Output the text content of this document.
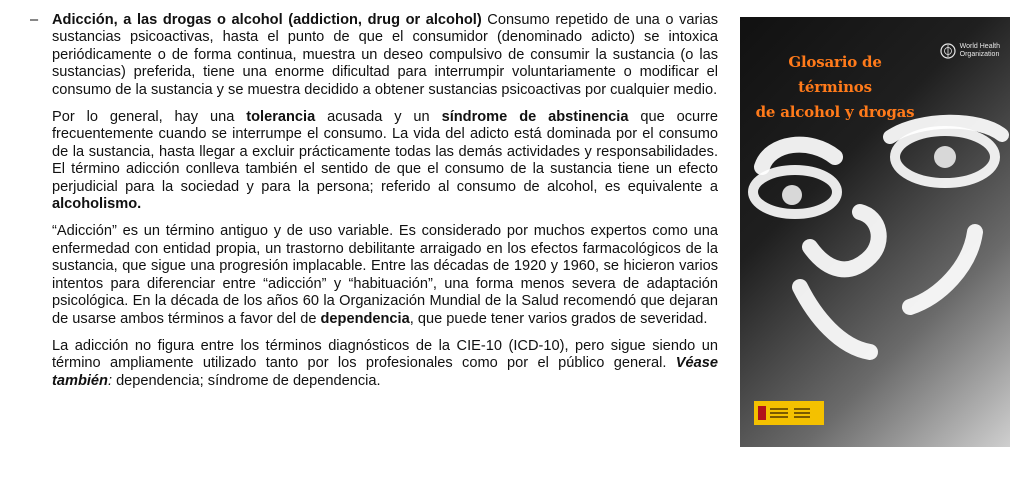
– Adicción, a las drogas o alcohol (addiction, drug or alcohol) Consumo repetido de una o varias sustancias psicoactivas, hasta el punto de que el consumidor (denominado adicto) se intoxica periódicamente o de forma continua, muestra un deseo compulsivo de consumir la sustancia (o las sustancias) preferida, tiene una enorme dificultad para interrumpir voluntariamente o modificar el consumo de la sustancia y se muestra decidido a obtener sustancias psicoactivas por cualquier medio.

Por lo general, hay una tolerancia acusada y un síndrome de abstinencia que ocurre frecuentemente cuando se interrumpe el consumo. La vida del adicto está dominada por el consumo de la sustancia, hasta llegar a excluir prácticamente todas las demás actividades y responsabilidades. El término adicción conlleva también el sentido de que el consumo de la sustancia tiene un efecto perjudicial para la sociedad y para la persona; referido al consumo de alcohol, es equivalente a alcoholismo.

“Adicción” es un término antiguo y de uso variable. Es considerado por muchos expertos como una enfermedad con entidad propia, un trastorno debilitante arraigado en los efectos farmacológicos de la sustancia, que sigue una progresión implacable. Entre las décadas de 1920 y 1960, se hicieron varios intentos para diferenciar entre “adicción” y “habituación”, una forma menos severa de adaptación psicológica. En la década de los años 60 la Organización Mundial de la Salud recomendó que dejaran de usarse ambos términos a favor del de dependencia, que puede tener varios grados de severidad.

La adicción no figura entre los términos diagnósticos de la CIE-10 (ICD-10), pero sigue siendo un término ampliamente utilizado tanto por los profesionales como por el público general. Véase también: dependencia; síndrome de dependencia.

Glosario de términos
de alcohol y drogas
World Health
Organization
